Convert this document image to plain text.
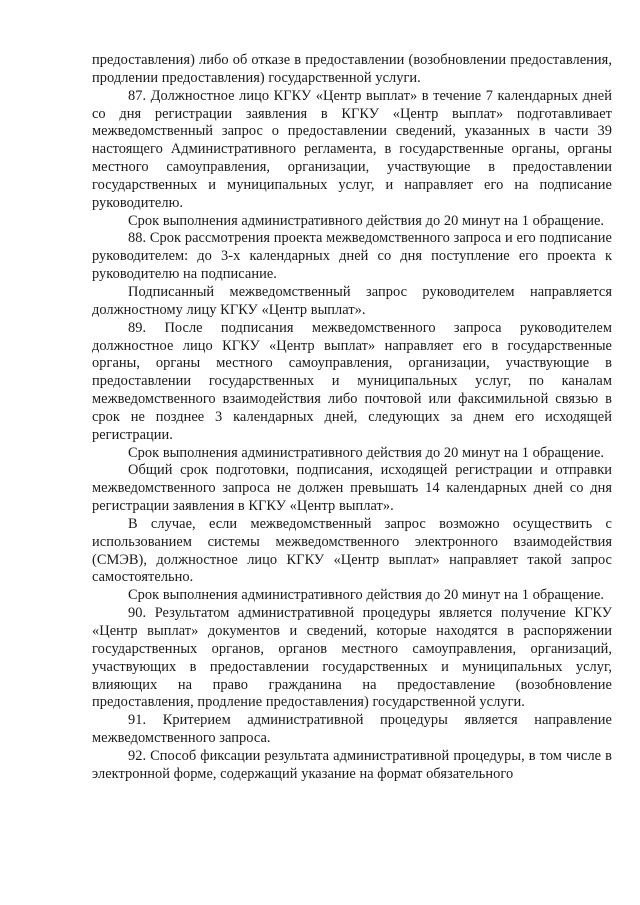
предоставления) либо об отказе в предоставлении (возобновлении предоставления, продлении предоставления) государственной услуги.

87. Должностное лицо КГКУ «Центр выплат» в течение 7 календарных дней со дня регистрации заявления в КГКУ «Центр выплат» подготавливает межведомственный запрос о предоставлении сведений, указанных в части 39 настоящего Административного регламента, в государственные органы, органы местного самоуправления, организации, участвующие в предоставлении государственных и муниципальных услуг, и направляет его на подписание руководителю.

Срок выполнения административного действия до 20 минут на 1 обращение.

88. Срок рассмотрения проекта межведомственного запроса и его подписание руководителем: до 3-х календарных дней со дня поступление его проекта к руководителю на подписание.

Подписанный межведомственный запрос руководителем направляется должностному лицу КГКУ «Центр выплат».

89. После подписания межведомственного запроса руководителем должностное лицо КГКУ «Центр выплат» направляет его в государственные органы, органы местного самоуправления, организации, участвующие в предоставлении государственных и муниципальных услуг, по каналам межведомственного взаимодействия либо почтовой или факсимильной связью в срок не позднее 3 календарных дней, следующих за днем его исходящей регистрации.

Срок выполнения административного действия до 20 минут на 1 обращение.

Общий срок подготовки, подписания, исходящей регистрации и отправки межведомственного запроса не должен превышать 14 календарных дней со дня регистрации заявления в КГКУ «Центр выплат».

В случае, если межведомственный запрос возможно осуществить с использованием системы межведомственного электронного взаимодействия (СМЭВ), должностное лицо КГКУ «Центр выплат» направляет такой запрос самостоятельно.

Срок выполнения административного действия до 20 минут на 1 обращение.

90. Результатом административной процедуры является получение КГКУ «Центр выплат» документов и сведений, которые находятся в распоряжении государственных органов, органов местного самоуправления, организаций, участвующих в предоставлении государственных и муниципальных услуг, влияющих на право гражданина на предоставление (возобновление предоставления, продление предоставления) государственной услуги.

91. Критерием административной процедуры является направление межведомственного запроса.

92. Способ фиксации результата административной процедуры, в том числе в электронной форме, содержащий указание на формат обязательного
